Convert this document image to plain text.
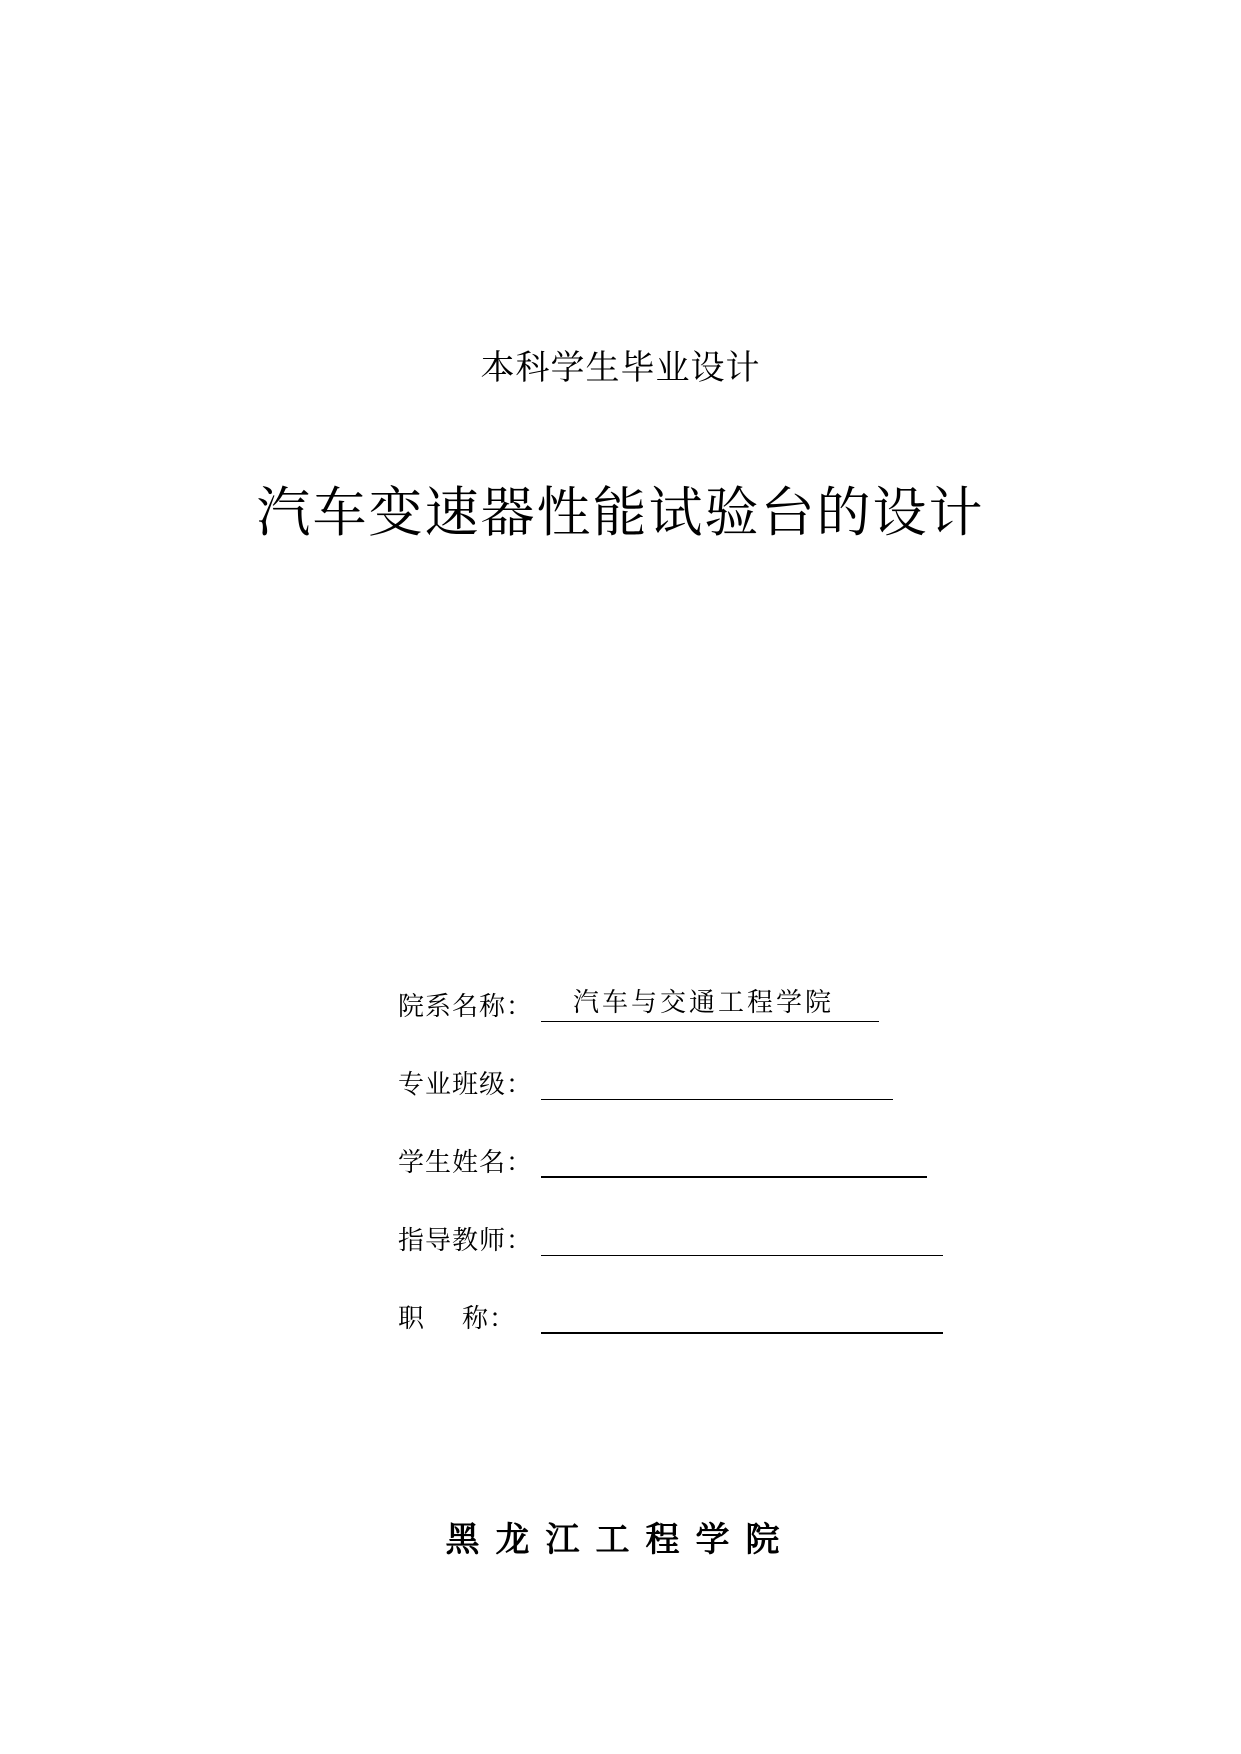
本科学生毕业设计
汽车变速器性能试验台的设计
院系名称： 汽车与交通工程学院
专业班级：
学生姓名：
指导教师：
职    称：
黑龙江工程学院
